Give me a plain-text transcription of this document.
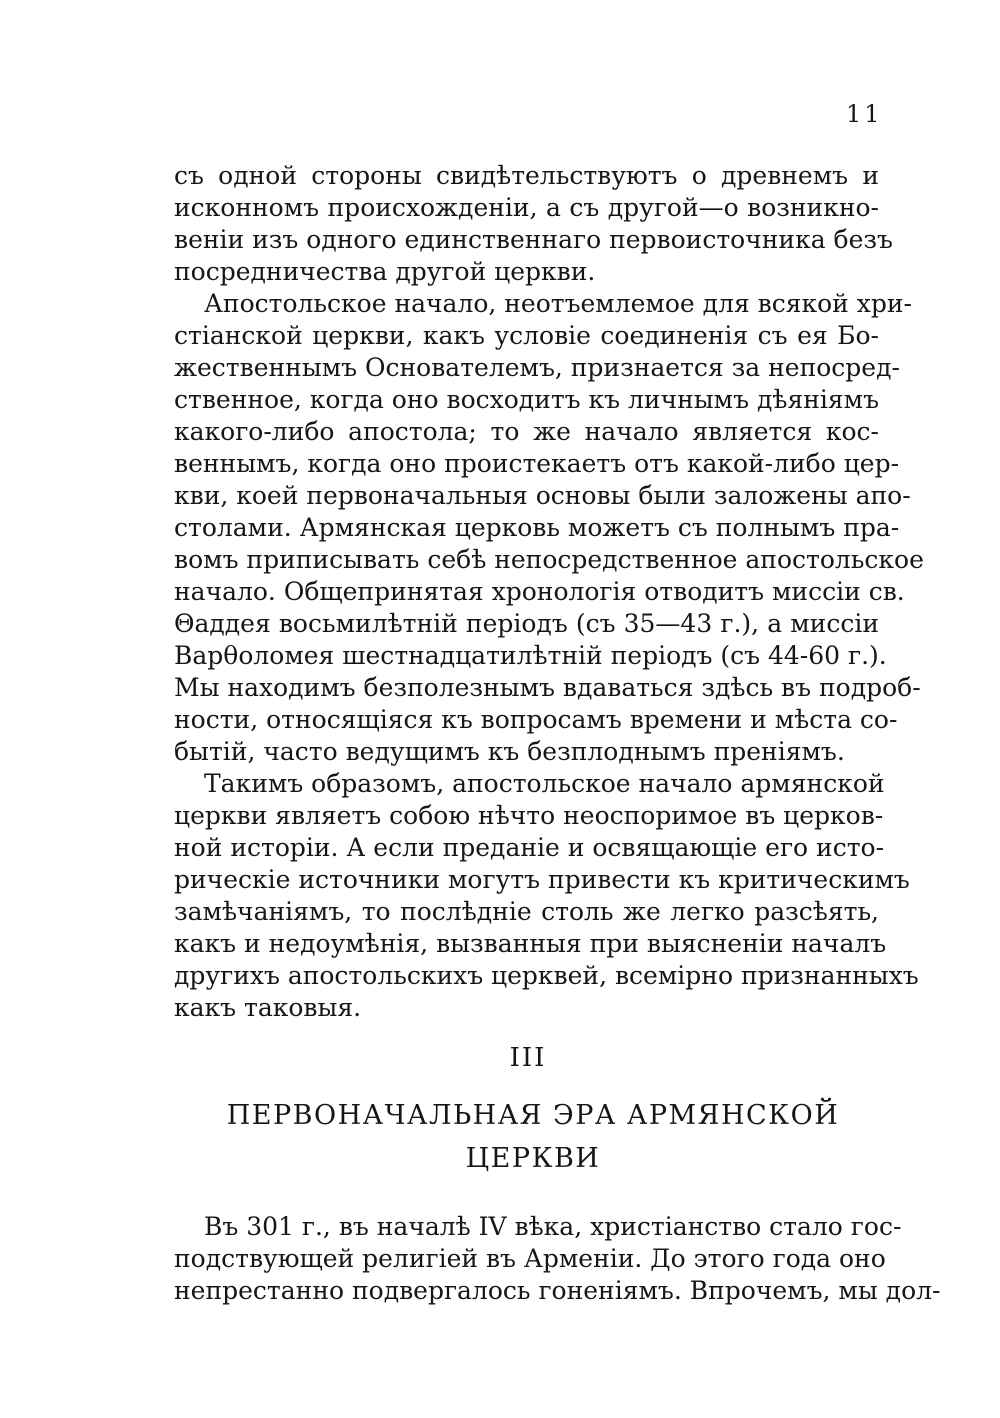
11
съ одной стороны свидѣтельствуютъ о древнемъ и
исконномъ происхожденiи, а съ другой—о возникно-
венiи изъ одного единственнаго первоисточника безъ
посредничества другой церкви.
Апостольское начало, неотъемлемое для всякой хри-
стiанской церкви, какъ условiе соединенiя съ ея Бо-
жественнымъ Основателемъ, признается за непосред-
ственное, когда оно восходитъ къ личнымъ дѣянiямъ
какого-либо апостола; то же начало является кос-
веннымъ, когда оно проистекаетъ отъ какой-либо цер-
кви, коей первоначальныя основы были заложены апо-
столами. Армянская церковь можетъ съ полнымъ пра-
вомъ приписывать себѣ непосредственное апостольское
начало. Общепринятая хронологiя отводитъ миссiи св.
Θаддея восьмилѣтнiй перiодъ (съ 35—43 г.), а миссiи
Варθоломея шестнадцатилѣтнiй перiодъ (съ 44-60 г.).
Мы находимъ безполезнымъ вдаваться здѣсь въ подроб-
ности, относящiяся къ вопросамъ времени и мѣста со-
бытiй, часто ведущимъ къ безплоднымъ пренiямъ.
Такимъ образомъ, апостольское начало армянской
церкви являетъ собою нѣчто неоспоримое въ церков-
ной исторiи. А если преданiе и освящающiе его исто-
рическiе источники могутъ привести къ критическимъ
замѣчанiямъ, то послѣднiе столь же легко разсѣять,
какъ и недоумѣнiя, вызванныя при выясненiи началъ
другихъ апостольскихъ церквей, всемiрно признанныхъ
какъ таковыя.
III
ПЕРВОНАЧАЛЬНАЯ ЭРА АРМЯНСКОЙ
ЦЕРКВИ
Въ 301 г., въ началѣ IV вѣка, христiанство стало гос-
подствующей религiей въ Арменiи. До этого года оно
непрестанно подвергалось гоненiямъ. Впрочемъ, мы дол-
